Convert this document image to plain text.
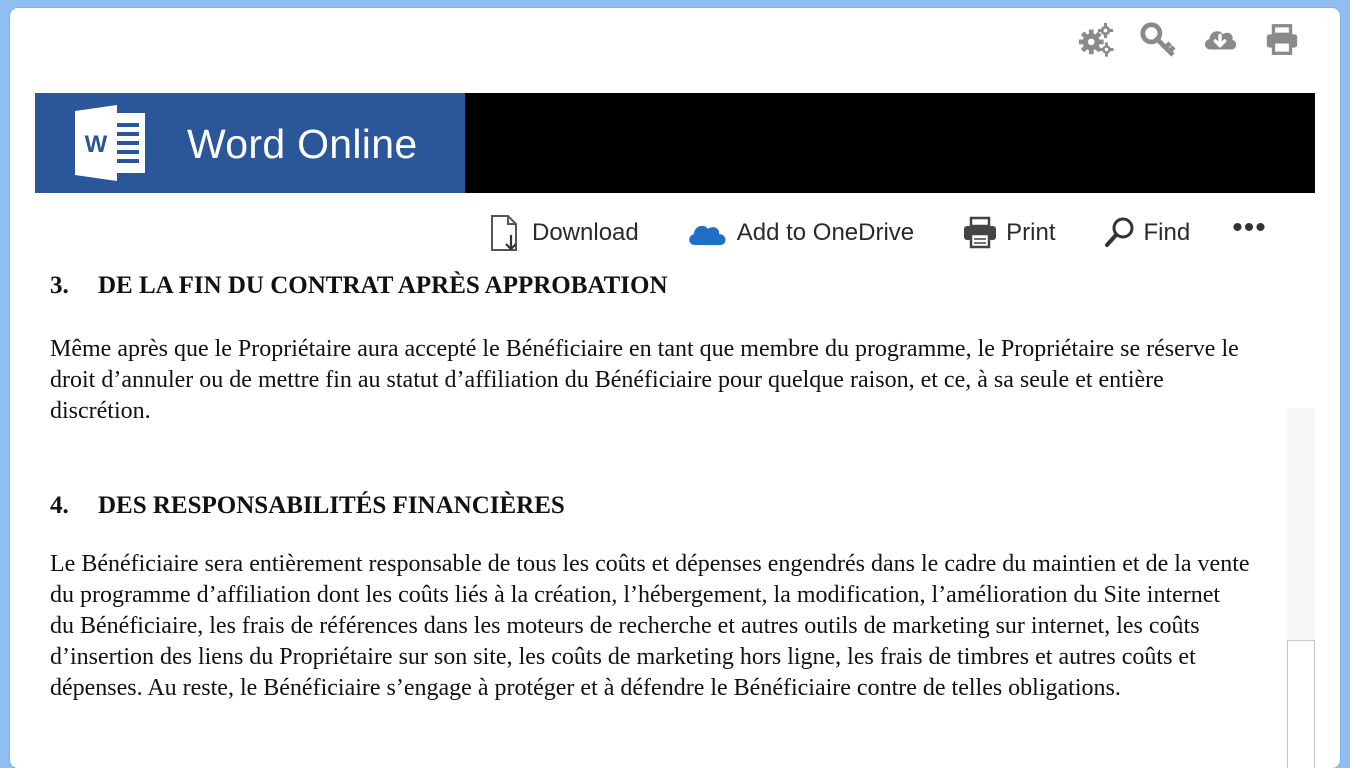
W Word Online
Download	Add to OneDrive	Print	Find •••
3.	DE LA FIN DU CONTRAT APRÈS APPROBATION

Même après que le Propriétaire aura accepté le Bénéficiaire en tant que membre du programme, le Propriétaire se réserve le droit d’annuler ou de mettre fin au statut d’affiliation du Bénéficiaire pour quelque raison, et ce, à sa seule et entière discrétion.

4.	DES RESPONSABILITÉS FINANCIÈRES

Le Bénéficiaire sera entièrement responsable de tous les coûts et dépenses engendrés dans le cadre du maintien et de la vente du programme d’affiliation dont les coûts liés à la création, l’hébergement, la modification, l’amélioration du Site internet du Bénéficiaire, les frais de références dans les moteurs de recherche et autres outils de marketing sur internet, les coûts d’insertion des liens du Propriétaire sur son site, les coûts de marketing hors ligne, les frais de timbres et autres coûts et dépenses. Au reste, le Bénéficiaire s’engage à protéger et à défendre le Bénéficiaire contre de telles obligations.
